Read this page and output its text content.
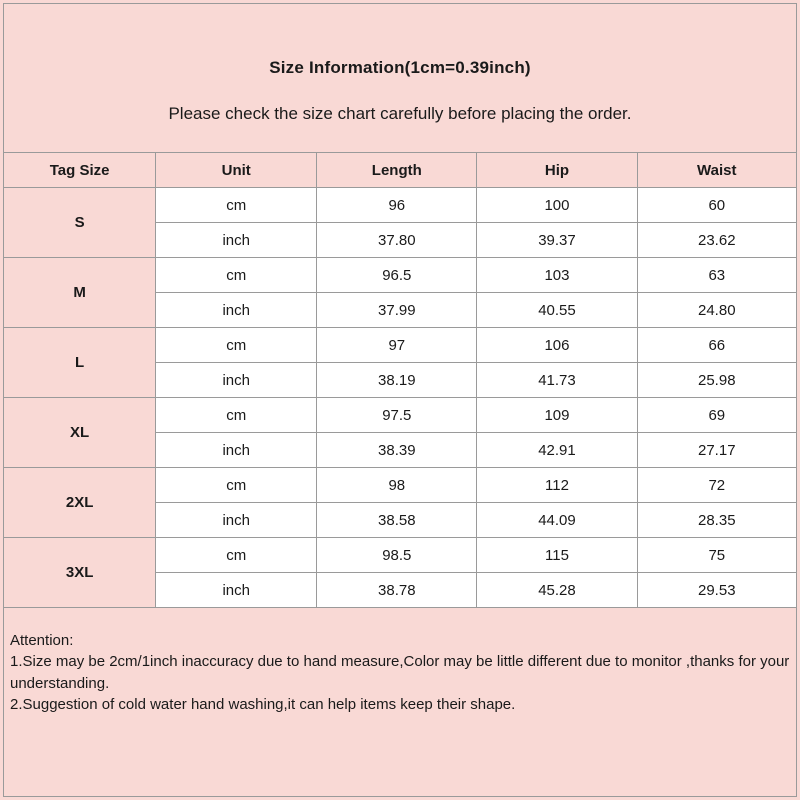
Size Information(1cm=0.39inch)
Please check the size chart carefully before placing the order.
Tag Size	Unit	Length	Hip	Waist
S	cm	96	100	60
	inch	37.80	39.37	23.62
M	cm	96.5	103	63
	inch	37.99	40.55	24.80
L	cm	97	106	66
	inch	38.19	41.73	25.98
XL	cm	97.5	109	69
	inch	38.39	42.91	27.17
2XL	cm	98	112	72
	inch	38.58	44.09	28.35
3XL	cm	98.5	115	75
	inch	38.78	45.28	29.53
Attention:
1.Size may be 2cm/1inch inaccuracy due to hand measure,Color may be little different due to monitor ,thanks for your understanding.
2.Suggestion of cold water hand washing,it can help items keep their shape.
